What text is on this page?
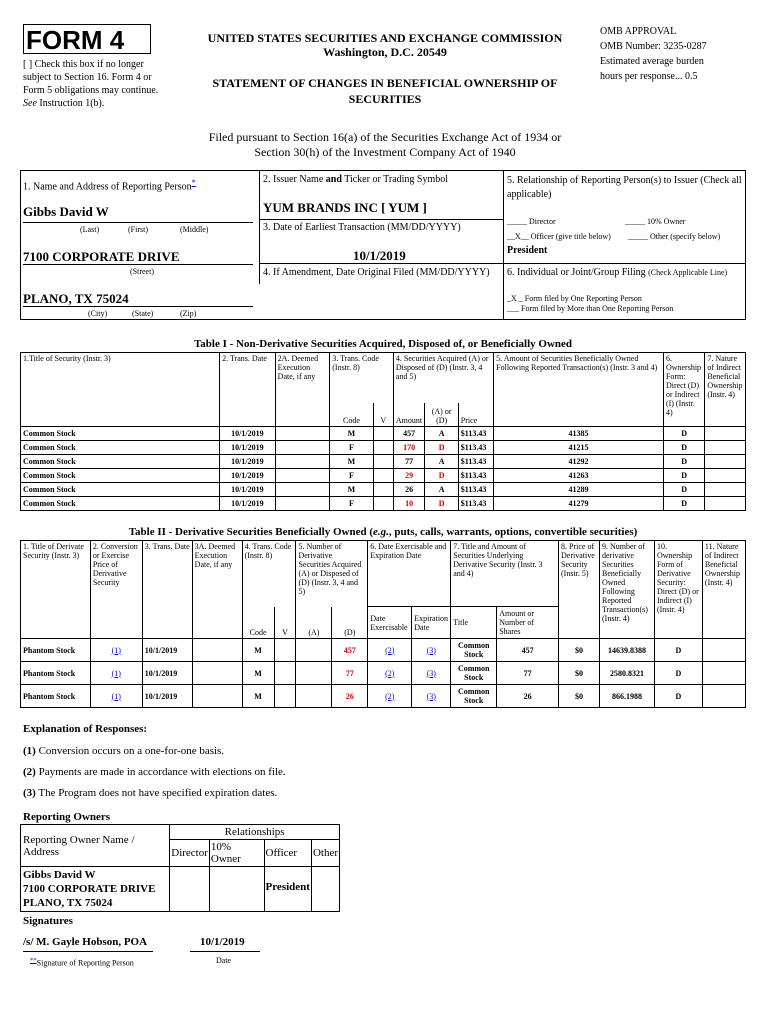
FORM 4
[ ] Check this box if no longer subject to Section 16. Form 4 or Form 5 obligations may continue. See Instruction 1(b).
UNITED STATES SECURITIES AND EXCHANGE COMMISSION
Washington, D.C. 20549
STATEMENT OF CHANGES IN BENEFICIAL OWNERSHIP OF SECURITIES
OMB APPROVAL
OMB Number: 3235-0287
Estimated average burden
hours per response... 0.5
Filed pursuant to Section 16(a) of the Securities Exchange Act of 1934 or
Section 30(h) of the Investment Company Act of 1940
1. Name and Address of Reporting Person*
Gibbs David W
(Last)	(First)	(Middle)
7100 CORPORATE DRIVE
(Street)
PLANO, TX 75024
(City)	(State)	(Zip)
2. Issuer Name and Ticker or Trading Symbol
YUM BRANDS INC [ YUM ]
3. Date of Earliest Transaction (MM/DD/YYYY)
10/1/2019
4. If Amendment, Date Original Filed (MM/DD/YYYY)
5. Relationship of Reporting Person(s) to Issuer (Check all applicable)
_____ Director	_____ 10% Owner
__X__ Officer (give title below) _____ Other (specify below)
President
6. Individual or Joint/Group Filing (Check Applicable Line)
_X _ Form filed by One Reporting Person
___ Form filed by More than One Reporting Person
Table I - Non-Derivative Securities Acquired, Disposed of, or Beneficially Owned
1.Title of Security (Instr. 3)	2. Trans. Date	2A. Deemed Execution Date, if any	3. Trans. Code (Instr. 8)		4. Securities Acquired (A) or Disposed of (D) (Instr. 3, 4 and 5)			5. Amount of Securities Beneficially Owned Following Reported Transaction(s) (Instr. 3 and 4)	6. Ownership Form: Direct (D) or Indirect (I) (Instr. 4)	7. Nature of Indirect Beneficial Ownership (Instr. 4)
			Code	V	Amount	(A) or (D)	Price			
Common Stock	10/1/2019		M		457	A	$113.43	41385	D	
Common Stock	10/1/2019		F		170	D	$113.43	41215	D	
Common Stock	10/1/2019		M		77	A	$113.43	41292	D	
Common Stock	10/1/2019		F		29	D	$113.43	41263	D	
Common Stock	10/1/2019		M		26	A	$113.43	41289	D	
Common Stock	10/1/2019		F		10	D	$113.43	41279	D	
Table II - Derivative Securities Beneficially Owned (e.g., puts, calls, warrants, options, convertible securities)
1. Title of Derivate Security (Instr. 3)	2. Conversion or Exercise Price of Derivative Security	3. Trans. Date	3A. Deemed Execution Date, if any	4. Trans. Code (Instr. 8)		5. Number of Derivative Securities Acquired (A) or Disposed of (D) (Instr. 3, 4 and 5)		6. Date Exercisable and Expiration Date		7. Title and Amount of Securities Underlying Derivative Security (Instr. 3 and 4)		8. Price of Derivative Security (Instr. 5)	9. Number of derivative Securities Beneficially Owned Following Reported Transaction(s) (Instr. 4)	10. Ownership Form of Derivative Security: Direct (D) or Indirect (I) (Instr. 4)	11. Nature of Indirect Beneficial Ownership (Instr. 4)
				Code	V	(A)	(D)	Date Exercisable	Expiration Date	Title	Amount or Number of Shares				
Phantom Stock	(1)	10/1/2019		M			457	(2)	(3)	Common Stock	457	$0	14639.8388	D	
Phantom Stock	(1)	10/1/2019		M			77	(2)	(3)	Common Stock	77	$0	2580.8321	D	
Phantom Stock	(1)	10/1/2019		M			26	(2)	(3)	Common Stock	26	$0	866.1988	D	
Explanation of Responses:
(1) Conversion occurs on a one-for-one basis.
(2) Payments are made in accordance with elections on file.
(3) The Program does not have specified expiration dates.
Reporting Owners
Reporting Owner Name / Address	Relationships			
	Director	10% Owner	Officer	Other

Gibbs David W
7100 CORPORATE DRIVE
PLANO, TX 75024			President	
Signatures
/s/ M. Gayle Hobson, POA	10/1/2019
**Signature of Reporting Person	Date
